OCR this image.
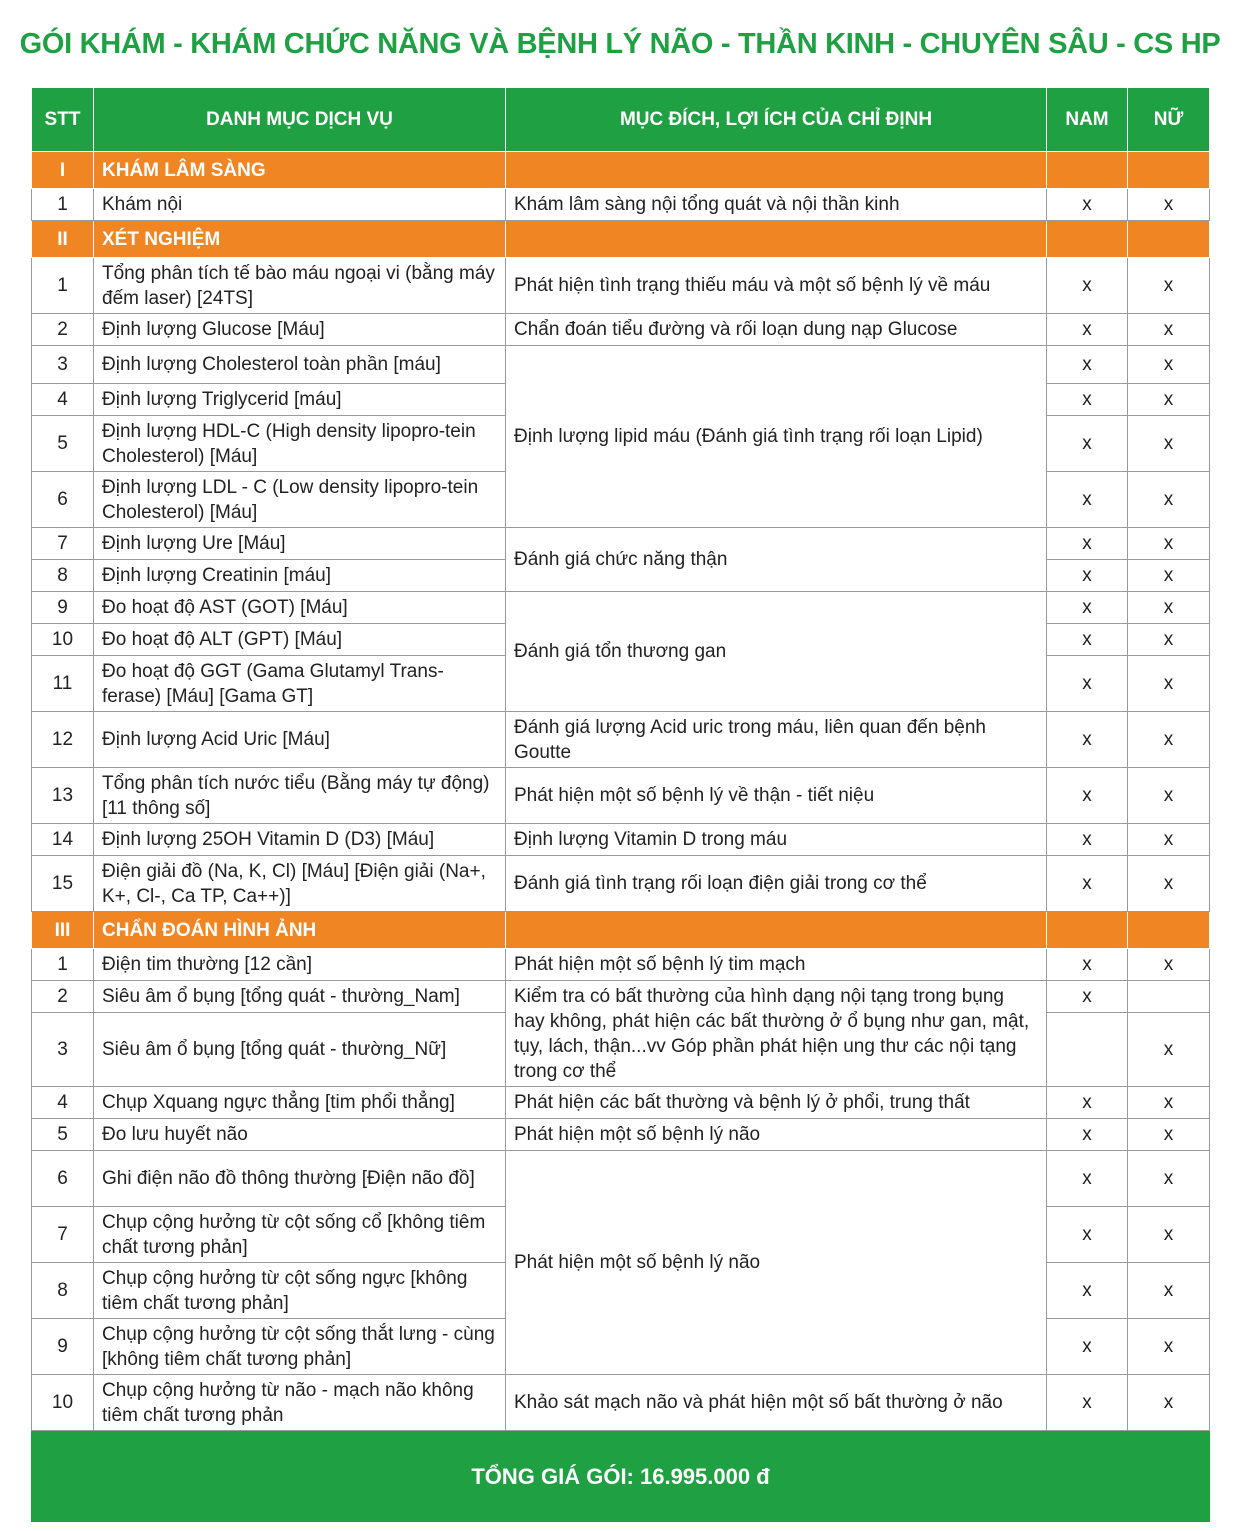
GÓI KHÁM - KHÁM CHỨC NĂNG VÀ BỆNH LÝ NÃO - THẦN KINH - CHUYÊN SÂU - CS HP
STT	DANH MỤC DỊCH VỤ	MỤC ĐÍCH, LỢI ÍCH CỦA CHỈ ĐỊNH	NAM	NỮ
I	KHÁM LÂM SÀNG			
1	Khám nội	Khám lâm sàng nội tổng quát và nội thần kinh	x	x
II	XÉT NGHIỆM			
1	Tổng phân tích tế bào máu ngoại vi (bằng máy đếm laser) [24TS]	Phát hiện tình trạng thiếu máu và một số bệnh lý về máu	x	x
2	Định lượng Glucose [Máu]	Chẩn đoán tiểu đường và rối loạn dung nạp Glucose	x	x
3	Định lượng Cholesterol toàn phần [máu]	Định lượng lipid máu (Đánh giá tình trạng rối loạn Lipid)	x	x
4	Định lượng Triglycerid [máu]		x	x
5	Định lượng HDL-C (High density lipopro-tein Cholesterol) [Máu]		x	x
6	Định lượng LDL - C (Low density lipopro-tein Cholesterol) [Máu]		x	x
7	Định lượng Ure [Máu]	Đánh giá chức năng thận	x	x
8	Định lượng Creatinin [máu]		x	x
9	Đo hoạt độ AST (GOT) [Máu]	Đánh giá tổn thương gan	x	x
10	Đo hoạt độ ALT (GPT) [Máu]		x	x
11	Đo hoạt độ GGT (Gama Glutamyl Trans-ferase) [Máu] [Gama GT]		x	x
12	Định lượng Acid Uric [Máu]	Đánh giá lượng Acid uric trong máu, liên quan đến bệnh Goutte	x	x
13	Tổng phân tích nước tiểu (Bằng máy tự động) [11 thông số]	Phát hiện một số bệnh lý về thận - tiết niệu	x	x
14	Định lượng 25OH Vitamin D (D3) [Máu]	Định lượng Vitamin D trong máu	x	x
15	Điện giải đồ (Na, K, Cl) [Máu] [Điện giải (Na+, K+, Cl-, Ca TP, Ca++)]	Đánh giá tình trạng rối loạn điện giải trong cơ thể	x	x
III	CHẨN ĐOÁN HÌNH ẢNH			
1	Điện tim thường [12 cần]	Phát hiện một số bệnh lý tim mạch	x	x
2	Siêu âm ổ bụng [tổng quát - thường_Nam]	Kiểm tra có bất thường của hình dạng nội tạng trong bụng hay không, phát hiện các bất thường ở ổ bụng như gan, mật, tụy, lách, thận...vv Góp phần phát hiện ung thư các nội tạng trong cơ thể	x	
3	Siêu âm ổ bụng [tổng quát - thường_Nữ]			x
4	Chụp Xquang ngực thẳng [tim phổi thẳng]	Phát hiện các bất thường và bệnh lý ở phổi, trung thất	x	x
5	Đo lưu huyết não	Phát hiện một số bệnh lý não	x	x
6	Ghi điện não đồ thông thường [Điện não đồ]	Phát hiện một số bệnh lý não	x	x
7	Chụp cộng hưởng từ cột sống cổ [không tiêm chất tương phản]		x	x
8	Chụp cộng hưởng từ cột sống ngực [không tiêm chất tương phản]		x	x
9	Chụp cộng hưởng từ cột sống thắt lưng - cùng [không tiêm chất tương phản]		x	x
10	Chụp cộng hưởng từ não - mạch não không tiêm chất tương phản	Khảo sát mạch não và phát hiện một số bất thường ở não	x	x
TỔNG GIÁ GÓI: 16.995.000 đ				
